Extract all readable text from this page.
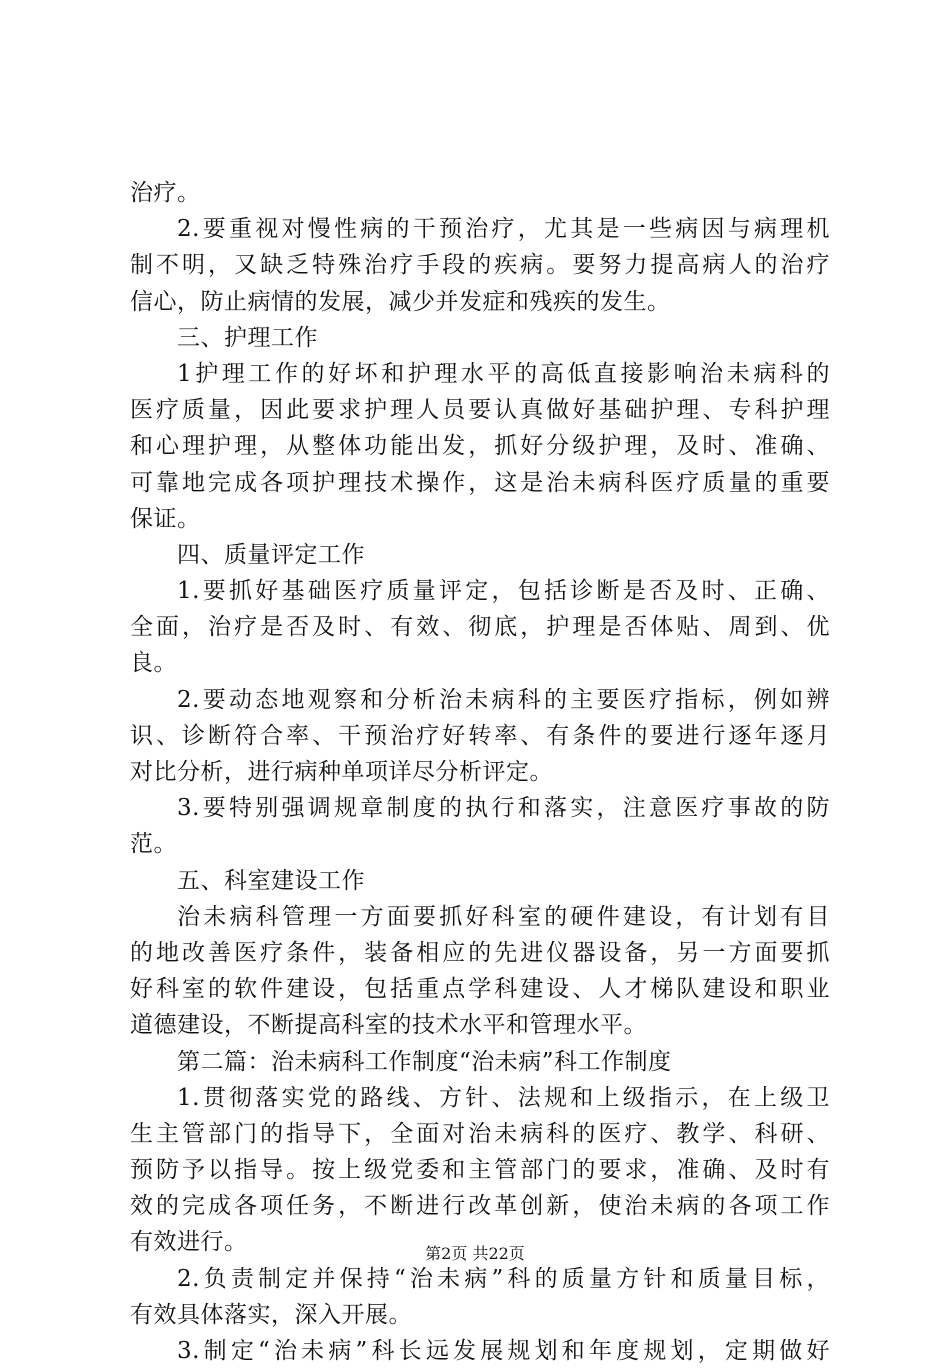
治疗。
2.要重视对慢性病的干预治疗，尤其是一些病因与病理机
制不明，又缺乏特殊治疗手段的疾病。要努力提高病人的治疗
信心，防止病情的发展，减少并发症和残疾的发生。
三、护理工作
1护理工作的好坏和护理水平的高低直接影响治未病科的
医疗质量，因此要求护理人员要认真做好基础护理、专科护理
和心理护理，从整体功能出发，抓好分级护理，及时、准确、
可靠地完成各项护理技术操作，这是治未病科医疗质量的重要
保证。
四、质量评定工作
1.要抓好基础医疗质量评定，包括诊断是否及时、正确、
全面，治疗是否及时、有效、彻底，护理是否体贴、周到、优
良。
2.要动态地观察和分析治未病科的主要医疗指标，例如辨
识、诊断符合率、干预治疗好转率、有条件的要进行逐年逐月
对比分析，进行病种单项详尽分析评定。
3.要特别强调规章制度的执行和落实，注意医疗事故的防
范。
五、科室建设工作
治未病科管理一方面要抓好科室的硬件建设，有计划有目
的地改善医疗条件，装备相应的先进仪器设备，另一方面要抓
好科室的软件建设，包括重点学科建设、人才梯队建设和职业
道德建设，不断提高科室的技术水平和管理水平。
第二篇：治未病科工作制度“治未病”科工作制度
1.贯彻落实党的路线、方针、法规和上级指示，在上级卫
生主管部门的指导下，全面对治未病科的医疗、教学、科研、
预防予以指导。按上级党委和主管部门的要求，准确、及时有
效的完成各项任务，不断进行改革创新，使治未病的各项工作
有效进行。
2.负责制定并保持“治未病”科的质量方针和质量目标，
有效具体落实，深入开展。
3.制定“治未病”科长远发展规划和年度规划，定期做好
第2页 共22页
